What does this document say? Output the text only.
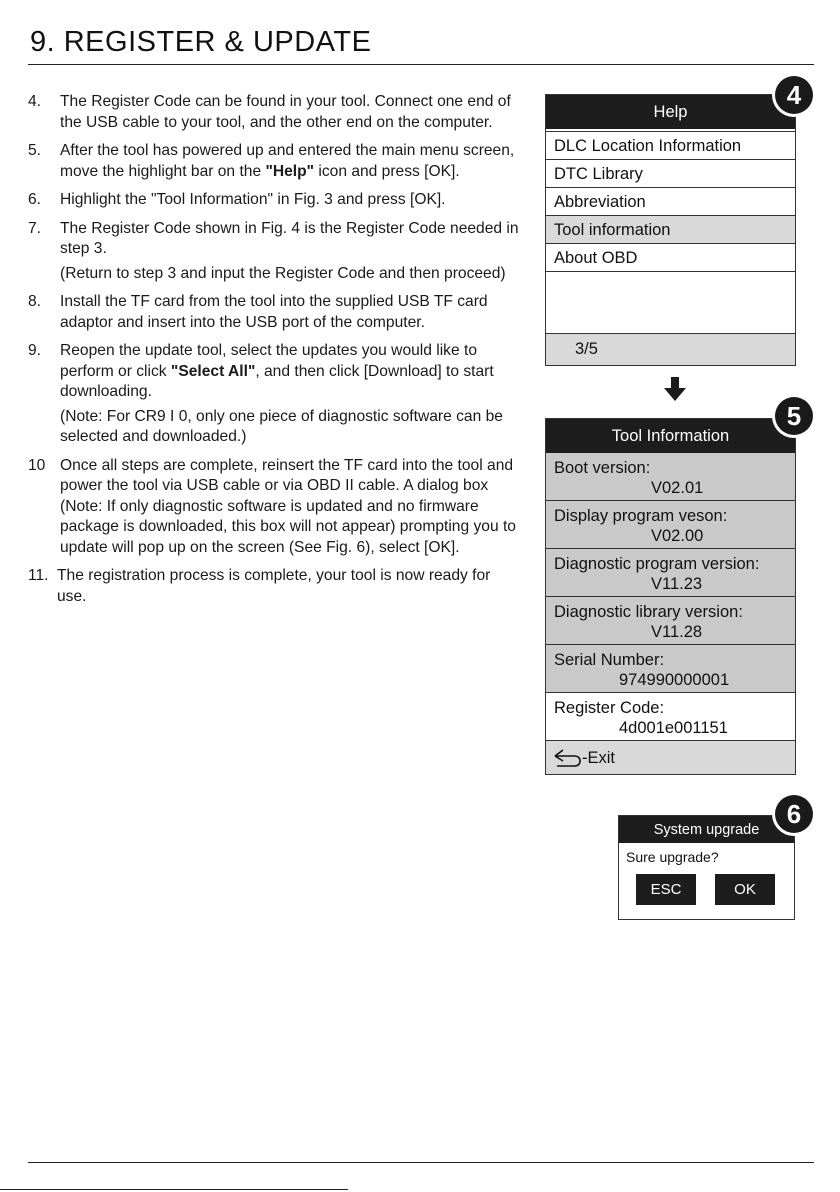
9. REGISTER & UPDATE
4.	The Register Code can be found in your tool. Connect one end of the USB cable to your tool, and the other end on the computer.

5.	After the tool has powered up and entered the main menu screen, move the highlight bar on the "Help" icon and press [OK].

6.	Highlight the "Tool Information" in Fig. 3 and press [OK].

7.	The Register Code shown in Fig. 4 is the Register Code needed in step 3.

(Return to step 3 and input the Register Code and then proceed)

8.	Install the TF card from the tool into the supplied USB TF card adaptor and insert into the USB port of the computer.

9.	Reopen the update tool, select the updates you would like to perform or click "Select All", and then click [Download] to start downloading.

(Note: For CR9 I 0, only one piece of diagnostic software can be selected and downloaded.)

10 Once all steps are complete, reinsert the TF card into the tool and power the tool via USB cable or via OBD II cable. A dialog box (Note: If only diagnostic software is updated and no firmware package is downloaded, this box will not appear) prompting you to update will pop up on the screen (See Fig. 6), select [OK].

11. The registration process is complete, your tool is now ready for use.

Help
DLC Location Information
DTC Library
Abbreviation
Tool information
About OBD
3/5
4
Tool Information
Boot version:
V02.01
Display program veson:
V02.00
Diagnostic program version:
V11.23
Diagnostic library version:
V11.28
Serial Number:
974990000001
Register Code:
4d001e001151
-Exit
5
System upgrade
Sure upgrade?
ESC	OK
6
